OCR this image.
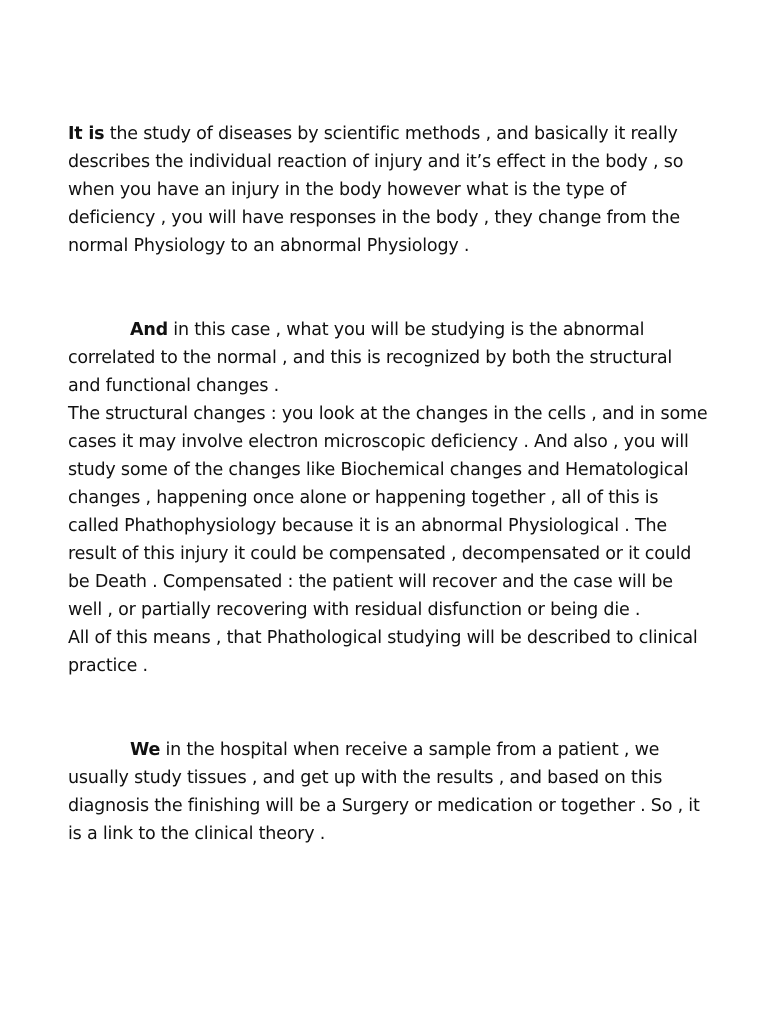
It is the study of diseases by scientific methods , and basically it really describes the individual reaction of injury and it’s effect in the body , so when you have an injury in the body however what is the type of deficiency , you will have responses in the body , they change from the normal Physiology to an abnormal Physiology .

And in this case , what you will be studying is the abnormal correlated to the normal , and this is recognized by both the structural and functional changes .

The structural changes : you look at the changes in the cells , and in some cases it may involve electron microscopic deficiency . And also , you will study some of the changes like Biochemical changes and Hematological changes , happening once alone or happening together , all of this is called Phathophysiology because it is an abnormal Physiological . The result of this injury it could be compensated , decompensated or it could be Death . Compensated : the patient will recover and the case will be well , or partially recovering with residual disfunction or being die .

All of this means , that Phathological studying will be described to clinical practice .

We in the hospital when receive a sample from a patient , we usually study tissues , and get up with the results , and based on this diagnosis the finishing will be a Surgery or medication or together . So , it is a link to the clinical theory .
